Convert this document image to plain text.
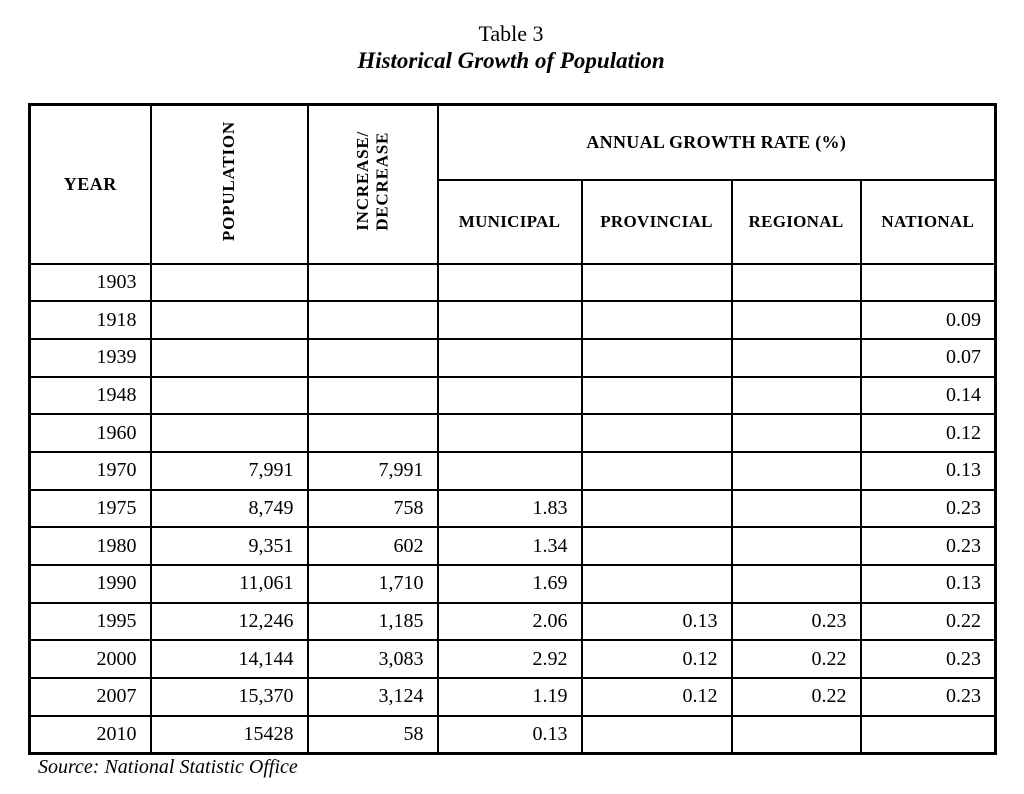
Table 3
Historical Growth of Population
YEAR	POPULATION	INCREASE/ DECREASE	ANNUAL GROWTH RATE (%)			
			MUNICIPAL	PROVINCIAL	REGIONAL	NATIONAL
1903						
1918						0.09
1939						0.07
1948						0.14
1960						0.12
1970	7,991	7,991				0.13
1975	8,749	758	1.83			0.23
1980	9,351	602	1.34			0.23
1990	11,061	1,710	1.69			0.13
1995	12,246	1,185	2.06	0.13	0.23	0.22
2000	14,144	3,083	2.92	0.12	0.22	0.23
2007	15,370	3,124	1.19	0.12	0.22	0.23
2010	15428	58	0.13			
Source: National Statistic Office
